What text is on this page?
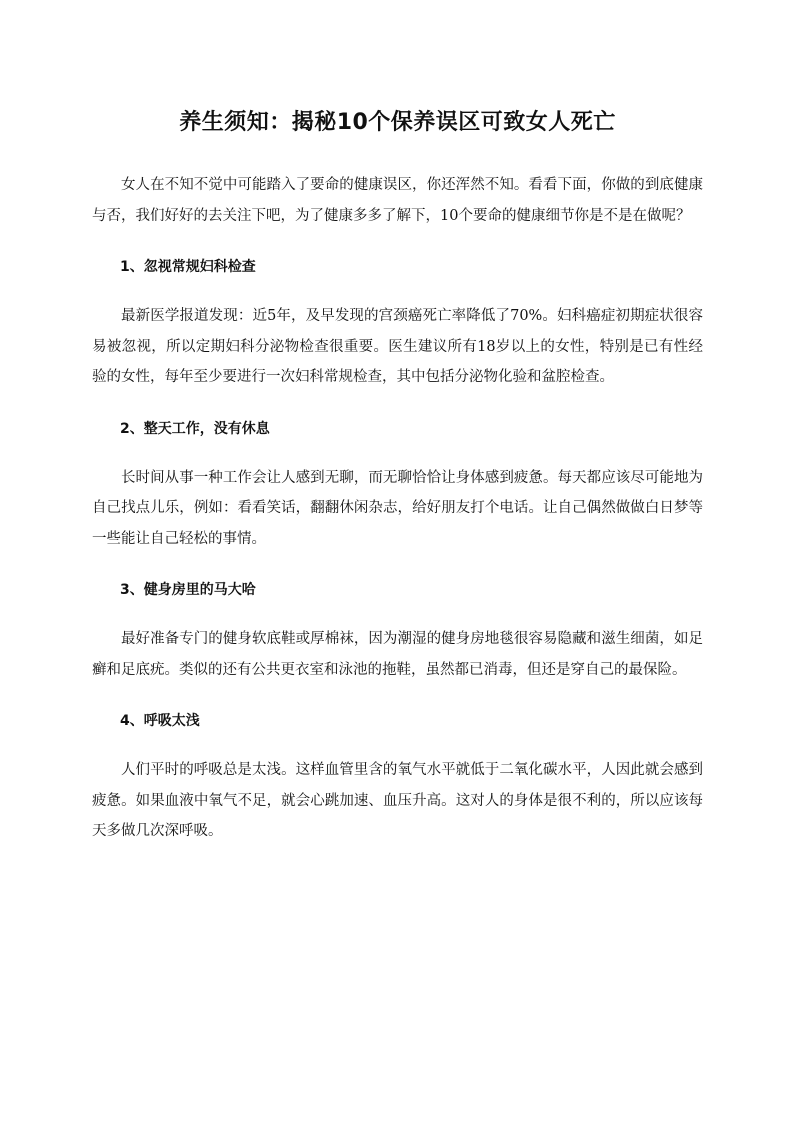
养生须知：揭秘10个保养误区可致女人死亡

女人在不知不觉中可能踏入了要命的健康误区，你还浑然不知。看看下面，你做的到底健康与否，我们好好的去关注下吧，为了健康多多了解下，10个要命的健康细节你是不是在做呢？

1、忽视常规妇科检查

最新医学报道发现：近5年，及早发现的宫颈癌死亡率降低了70%。妇科癌症初期症状很容易被忽视，所以定期妇科分泌物检查很重要。医生建议所有18岁以上的女性，特别是已有性经验的女性，每年至少要进行一次妇科常规检查，其中包括分泌物化验和盆腔检查。

2、整天工作，没有休息

长时间从事一种工作会让人感到无聊，而无聊恰恰让身体感到疲惫。每天都应该尽可能地为自己找点儿乐，例如：看看笑话，翻翻休闲杂志，给好朋友打个电话。让自己偶然做做白日梦等一些能让自己轻松的事情。

3、健身房里的马大哈

最好准备专门的健身软底鞋或厚棉袜，因为潮湿的健身房地毯很容易隐藏和滋生细菌，如足癣和足底疣。类似的还有公共更衣室和泳池的拖鞋，虽然都已消毒，但还是穿自己的最保险。

4、呼吸太浅

人们平时的呼吸总是太浅。这样血管里含的氧气水平就低于二氧化碳水平，人因此就会感到疲惫。如果血液中氧气不足，就会心跳加速、血压升高。这对人的身体是很不利的，所以应该每天多做几次深呼吸。
